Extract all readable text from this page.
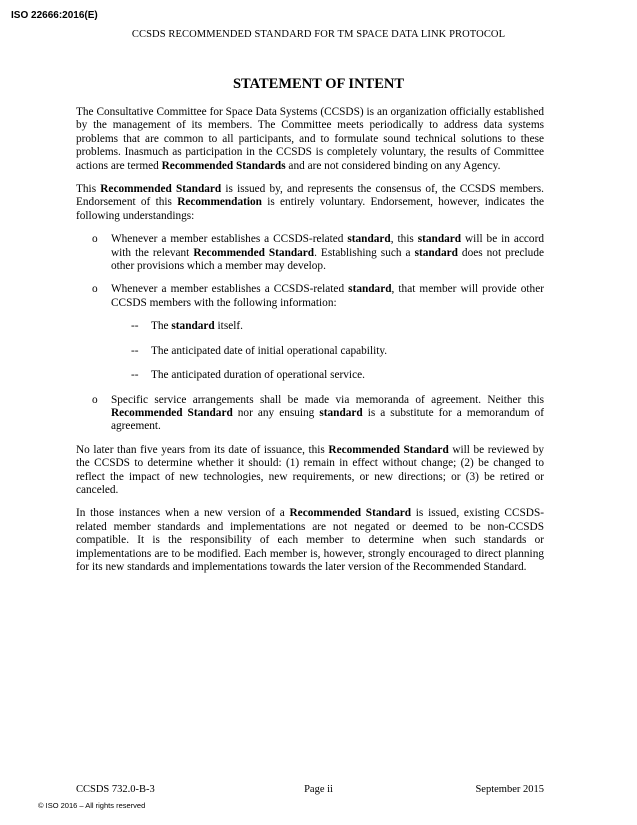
ISO 22666:2016(E)
CCSDS RECOMMENDED STANDARD FOR TM SPACE DATA LINK PROTOCOL
STATEMENT OF INTENT

The Consultative Committee for Space Data Systems (CCSDS) is an organization officially established by the management of its members. The Committee meets periodically to address data systems problems that are common to all participants, and to formulate sound technical solutions to these problems. Inasmuch as participation in the CCSDS is completely voluntary, the results of Committee actions are termed Recommended Standards and are not considered binding on any Agency.

This Recommended Standard is issued by, and represents the consensus of, the CCSDS members. Endorsement of this Recommendation is entirely voluntary. Endorsement, however, indicates the following understandings:

o Whenever a member establishes a CCSDS-related standard, this standard will be in accord with the relevant Recommended Standard. Establishing such a standard does not preclude other provisions which a member may develop.
o Whenever a member establishes a CCSDS-related standard, that member will provide other CCSDS members with the following information:
-- The standard itself.
-- The anticipated date of initial operational capability.
-- The anticipated duration of operational service.
o Specific service arrangements shall be made via memoranda of agreement. Neither this Recommended Standard nor any ensuing standard is a substitute for a memorandum of agreement.

No later than five years from its date of issuance, this Recommended Standard will be reviewed by the CCSDS to determine whether it should: (1) remain in effect without change; (2) be changed to reflect the impact of new technologies, new requirements, or new directions; or (3) be retired or canceled.

In those instances when a new version of a Recommended Standard is issued, existing CCSDS-related member standards and implementations are not negated or deemed to be non-CCSDS compatible. It is the responsibility of each member to determine when such standards or implementations are to be modified. Each member is, however, strongly encouraged to direct planning for its new standards and implementations towards the later version of the Recommended Standard.

CCSDS 732.0-B-3	Page ii	September 2015
© ISO 2016 – All rights reserved
